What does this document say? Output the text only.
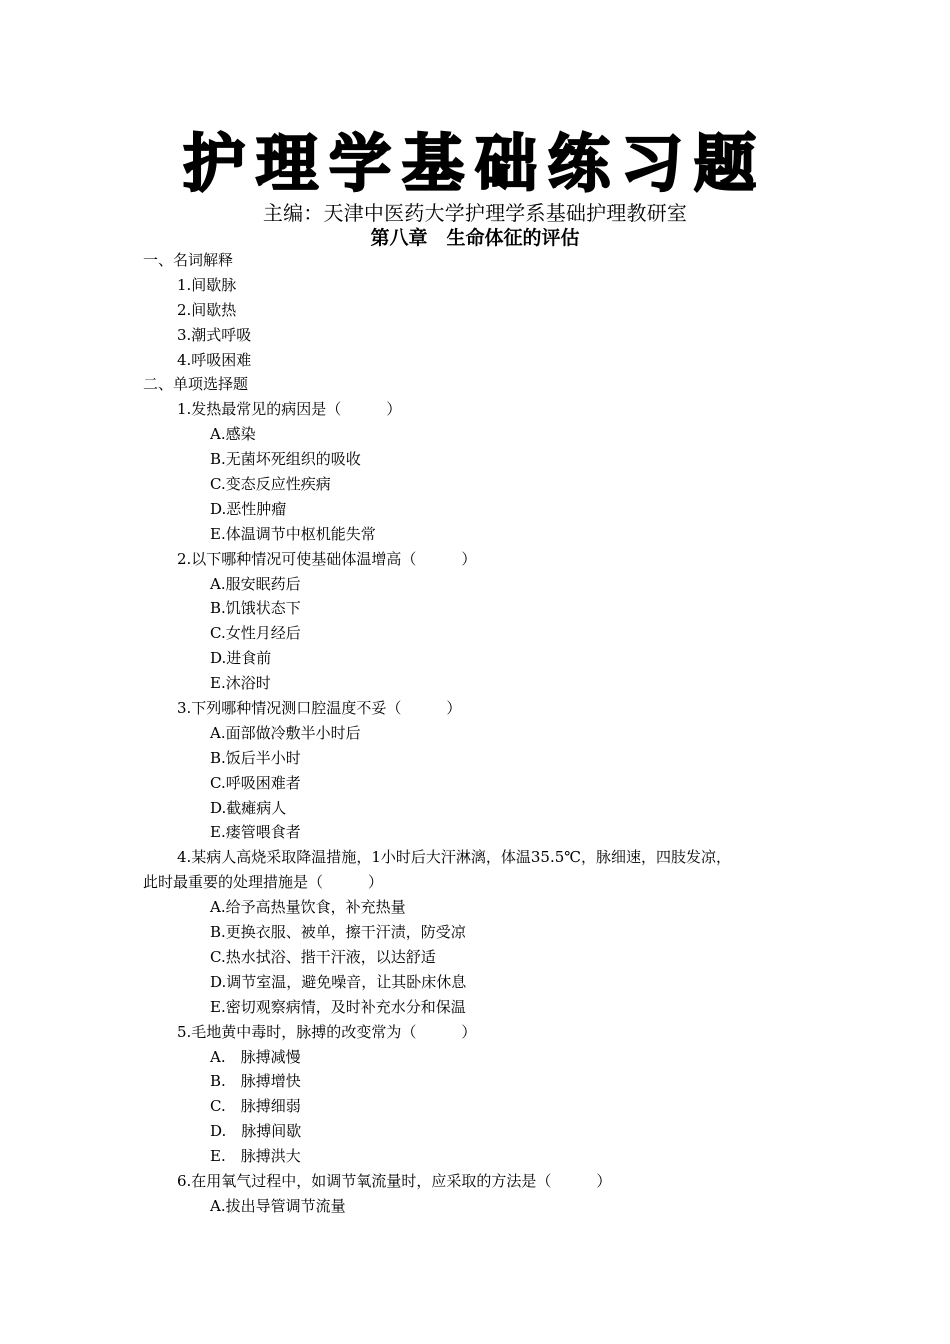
护理学基础练习题
主编：天津中医药大学护理学系基础护理教研室
第八章　生命体征的评估
一、名词解释
1.间歇脉
2.间歇热
3.潮式呼吸
4.呼吸困难
二、单项选择题
1.发热最常见的病因是（　　　）
A.感染
B.无菌坏死组织的吸收
C.变态反应性疾病
D.恶性肿瘤
E.体温调节中枢机能失常
2.以下哪种情况可使基础体温增高（　　　）
A.服安眠药后
B.饥饿状态下
C.女性月经后
D.进食前
E.沐浴时
3.下列哪种情况测口腔温度不妥（　　　）
A.面部做冷敷半小时后
B.饭后半小时
C.呼吸困难者
D.截瘫病人
E.瘘管喂食者
4.某病人高烧采取降温措施，1小时后大汗淋漓，体温35.5℃，脉细速，四肢发凉，此时最重要的处理措施是（　　　）
A.给予高热量饮食，补充热量
B.更换衣服、被单，擦干汗渍，防受凉
C.热水拭浴、揩干汗液，以达舒适
D.调节室温，避免噪音，让其卧床休息
E.密切观察病情，及时补充水分和保温
5.毛地黄中毒时，脉搏的改变常为（　　　）
A.　脉搏减慢
B.　脉搏增快
C.　脉搏细弱
D.　脉搏间歇
E.　脉搏洪大
6.在用氧气过程中，如调节氧流量时，应采取的方法是（　　　）
A.拔出导管调节流量
